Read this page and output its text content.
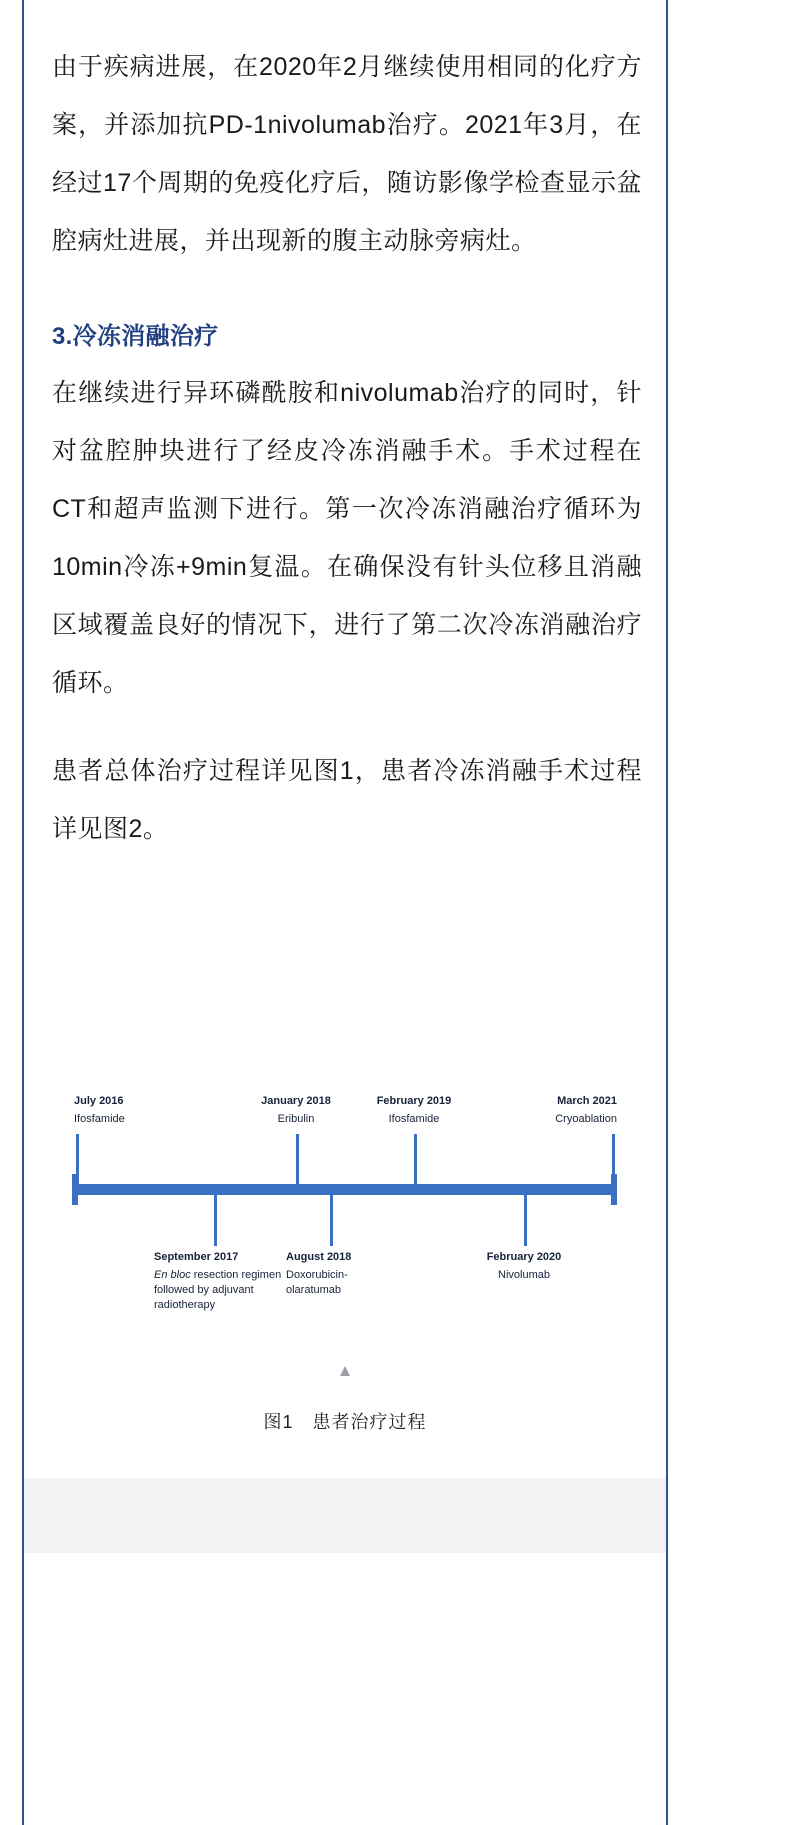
由于疾病进展，在2020年2月继续使用相同的化疗方案，并添加抗PD-1nivolumab治疗。2021年3月，在经过17个周期的免疫化疗后，随访影像学检查显示盆腔病灶进展，并出现新的腹主动脉旁病灶。

3.冷冻消融治疗

在继续进行异环磷酰胺和nivolumab治疗的同时，针对盆腔肿块进行了经皮冷冻消融手术。手术过程在CT和超声监测下进行。第一次冷冻消融治疗循环为10min冷冻+9min复温。在确保没有针头位移且消融区域覆盖良好的情况下，进行了第二次冷冻消融治疗循环。

患者总体治疗过程详见图1，患者冷冻消融手术过程详见图2。

July 2016
Ifosfamide
January 2018
Eribulin
February 2019
Ifosfamide
March 2021
Cryoablation
September 2017
En bloc resection regimen followed by adjuvant radiotherapy
August 2018
Doxorubicin-olaratumab
February 2020
Nivolumab
▲
图1　患者治疗过程
